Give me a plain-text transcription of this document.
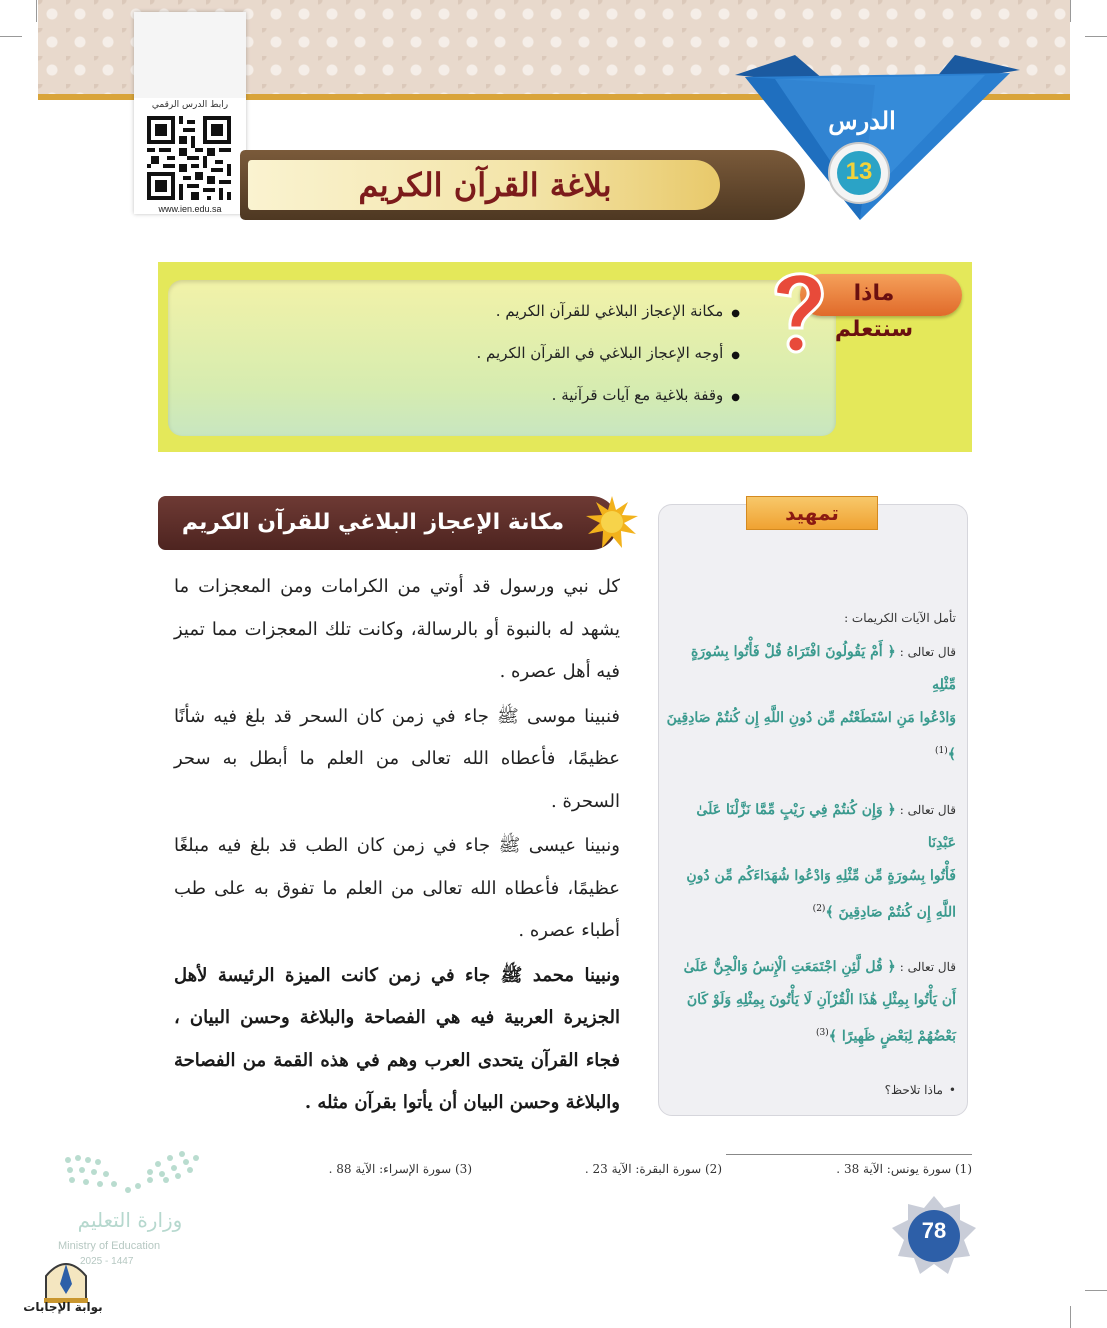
الدرس
13
رابط الدرس الرقمي
www.ien.edu.sa
بلاغة القرآن الكريم
● مكانة الإعجاز البلاغي للقرآن الكريم .
● أوجه الإعجاز البلاغي في القرآن الكريم .
● وقفة بلاغية مع آيات قرآنية .
ماذا سنتعلم
مكانة الإعجاز البلاغي للقرآن الكريم

كل نبي ورسول قد أوتي من الكرامات ومن المعجزات ما يشهد له بالنبوة أو بالرسالة، وكانت تلك المعجزات مما تميز فيه أهل عصره .

فنبينا موسى ﷺ جاء في زمن كان السحر قد بلغ فيه شأنًا عظيمًا، فأعطاه الله تعالى من العلم ما أبطل به سحر السحرة .

ونبينا عيسى ﷺ جاء في زمن كان الطب قد بلغ فيه مبلغًا عظيمًا، فأعطاه الله تعالى من العلم ما تفوق به على طب أطباء عصره .

ونبينا محمد ﷺ جاء في زمن كانت الميزة الرئيسة لأهل الجزيرة العربية فيه هي الفصاحة والبلاغة وحسن البيان ، فجاء القرآن يتحدى العرب وهم في هذه القمة من الفصاحة والبلاغة وحسن البيان أن يأتوا بقرآن مثله .

تمهيد

تأمل الآيات الكريمات :

قال تعالى :﴿ أَمْ يَقُولُونَ افْتَرَاهُ قُلْ فَأْتُوا بِسُورَةٍ مِّثْلِهِ
وَادْعُوا مَنِ اسْتَطَعْتُم مِّن دُونِ اللَّهِ إِن كُنتُمْ صَادِقِينَ ﴾$^{(1)}$
قال تعالى :﴿ وَإِن كُنتُمْ فِي رَيْبٍ مِّمَّا نَزَّلْنَا عَلَىٰ عَبْدِنَا
فَأْتُوا بِسُورَةٍ مِّن مِّثْلِهِ وَادْعُوا شُهَدَاءَكُم مِّن دُونِ
اللَّهِ إِن كُنتُمْ صَادِقِينَ ﴾$^{(2)}$
قال تعالى :﴿ قُل لَّئِنِ اجْتَمَعَتِ الْإِنسُ وَالْجِنُّ عَلَىٰ
أَن يَأْتُوا بِمِثْلِ هَٰذَا الْقُرْآنِ لَا يَأْتُونَ بِمِثْلِهِ وَلَوْ كَانَ
بَعْضُهُمْ لِبَعْضٍ ظَهِيرًا ﴾$^{(3)}$

• ماذا تلاحظ؟

(1) سورة يونس: الآية 38 .
(2) سورة البقرة: الآية 23 .
(3) سورة الإسراء: الآية 88 .
78
وزارة التعليم
Ministry of Education
2025 - 1447
بوابة الإجابات
